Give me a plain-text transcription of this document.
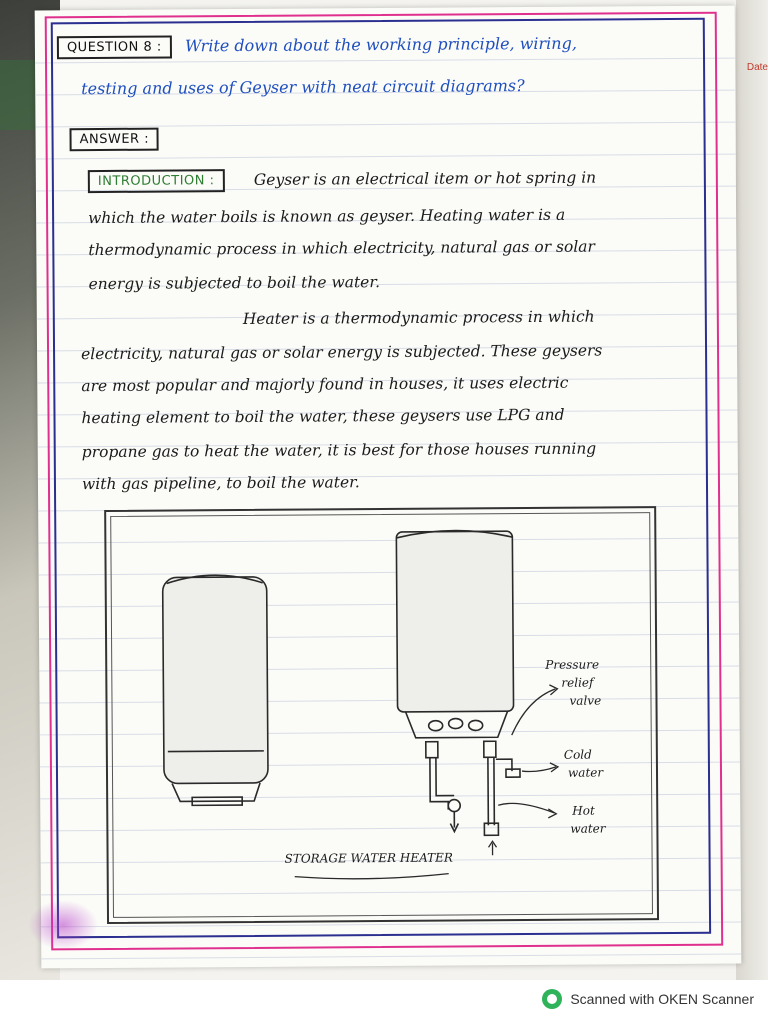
Date
QUESTION 8 :	Write down about the working principle, wiring,
testing and uses of Geyser with neat circuit diagrams?
ANSWER :
INTRODUCTION :	Geyser is an electrical item or hot spring in
which the water boils is known as geyser. Heating water is a
thermodynamic process in which electricity, natural gas or solar
energy is subjected to boil the water.
Heater is a thermodynamic process in which
electricity, natural gas or solar energy is subjected. These geysers
are most popular and majorly found in houses, it uses electric
heating element to boil the water, these geysers use LPG and
propane gas to heat the water, it is best for those houses running
with gas pipeline, to boil the water.
Pressure
relief
valve
Cold
water
Hot
water
STORAGE WATER HEATER
Scanned with OKEN Scanner
